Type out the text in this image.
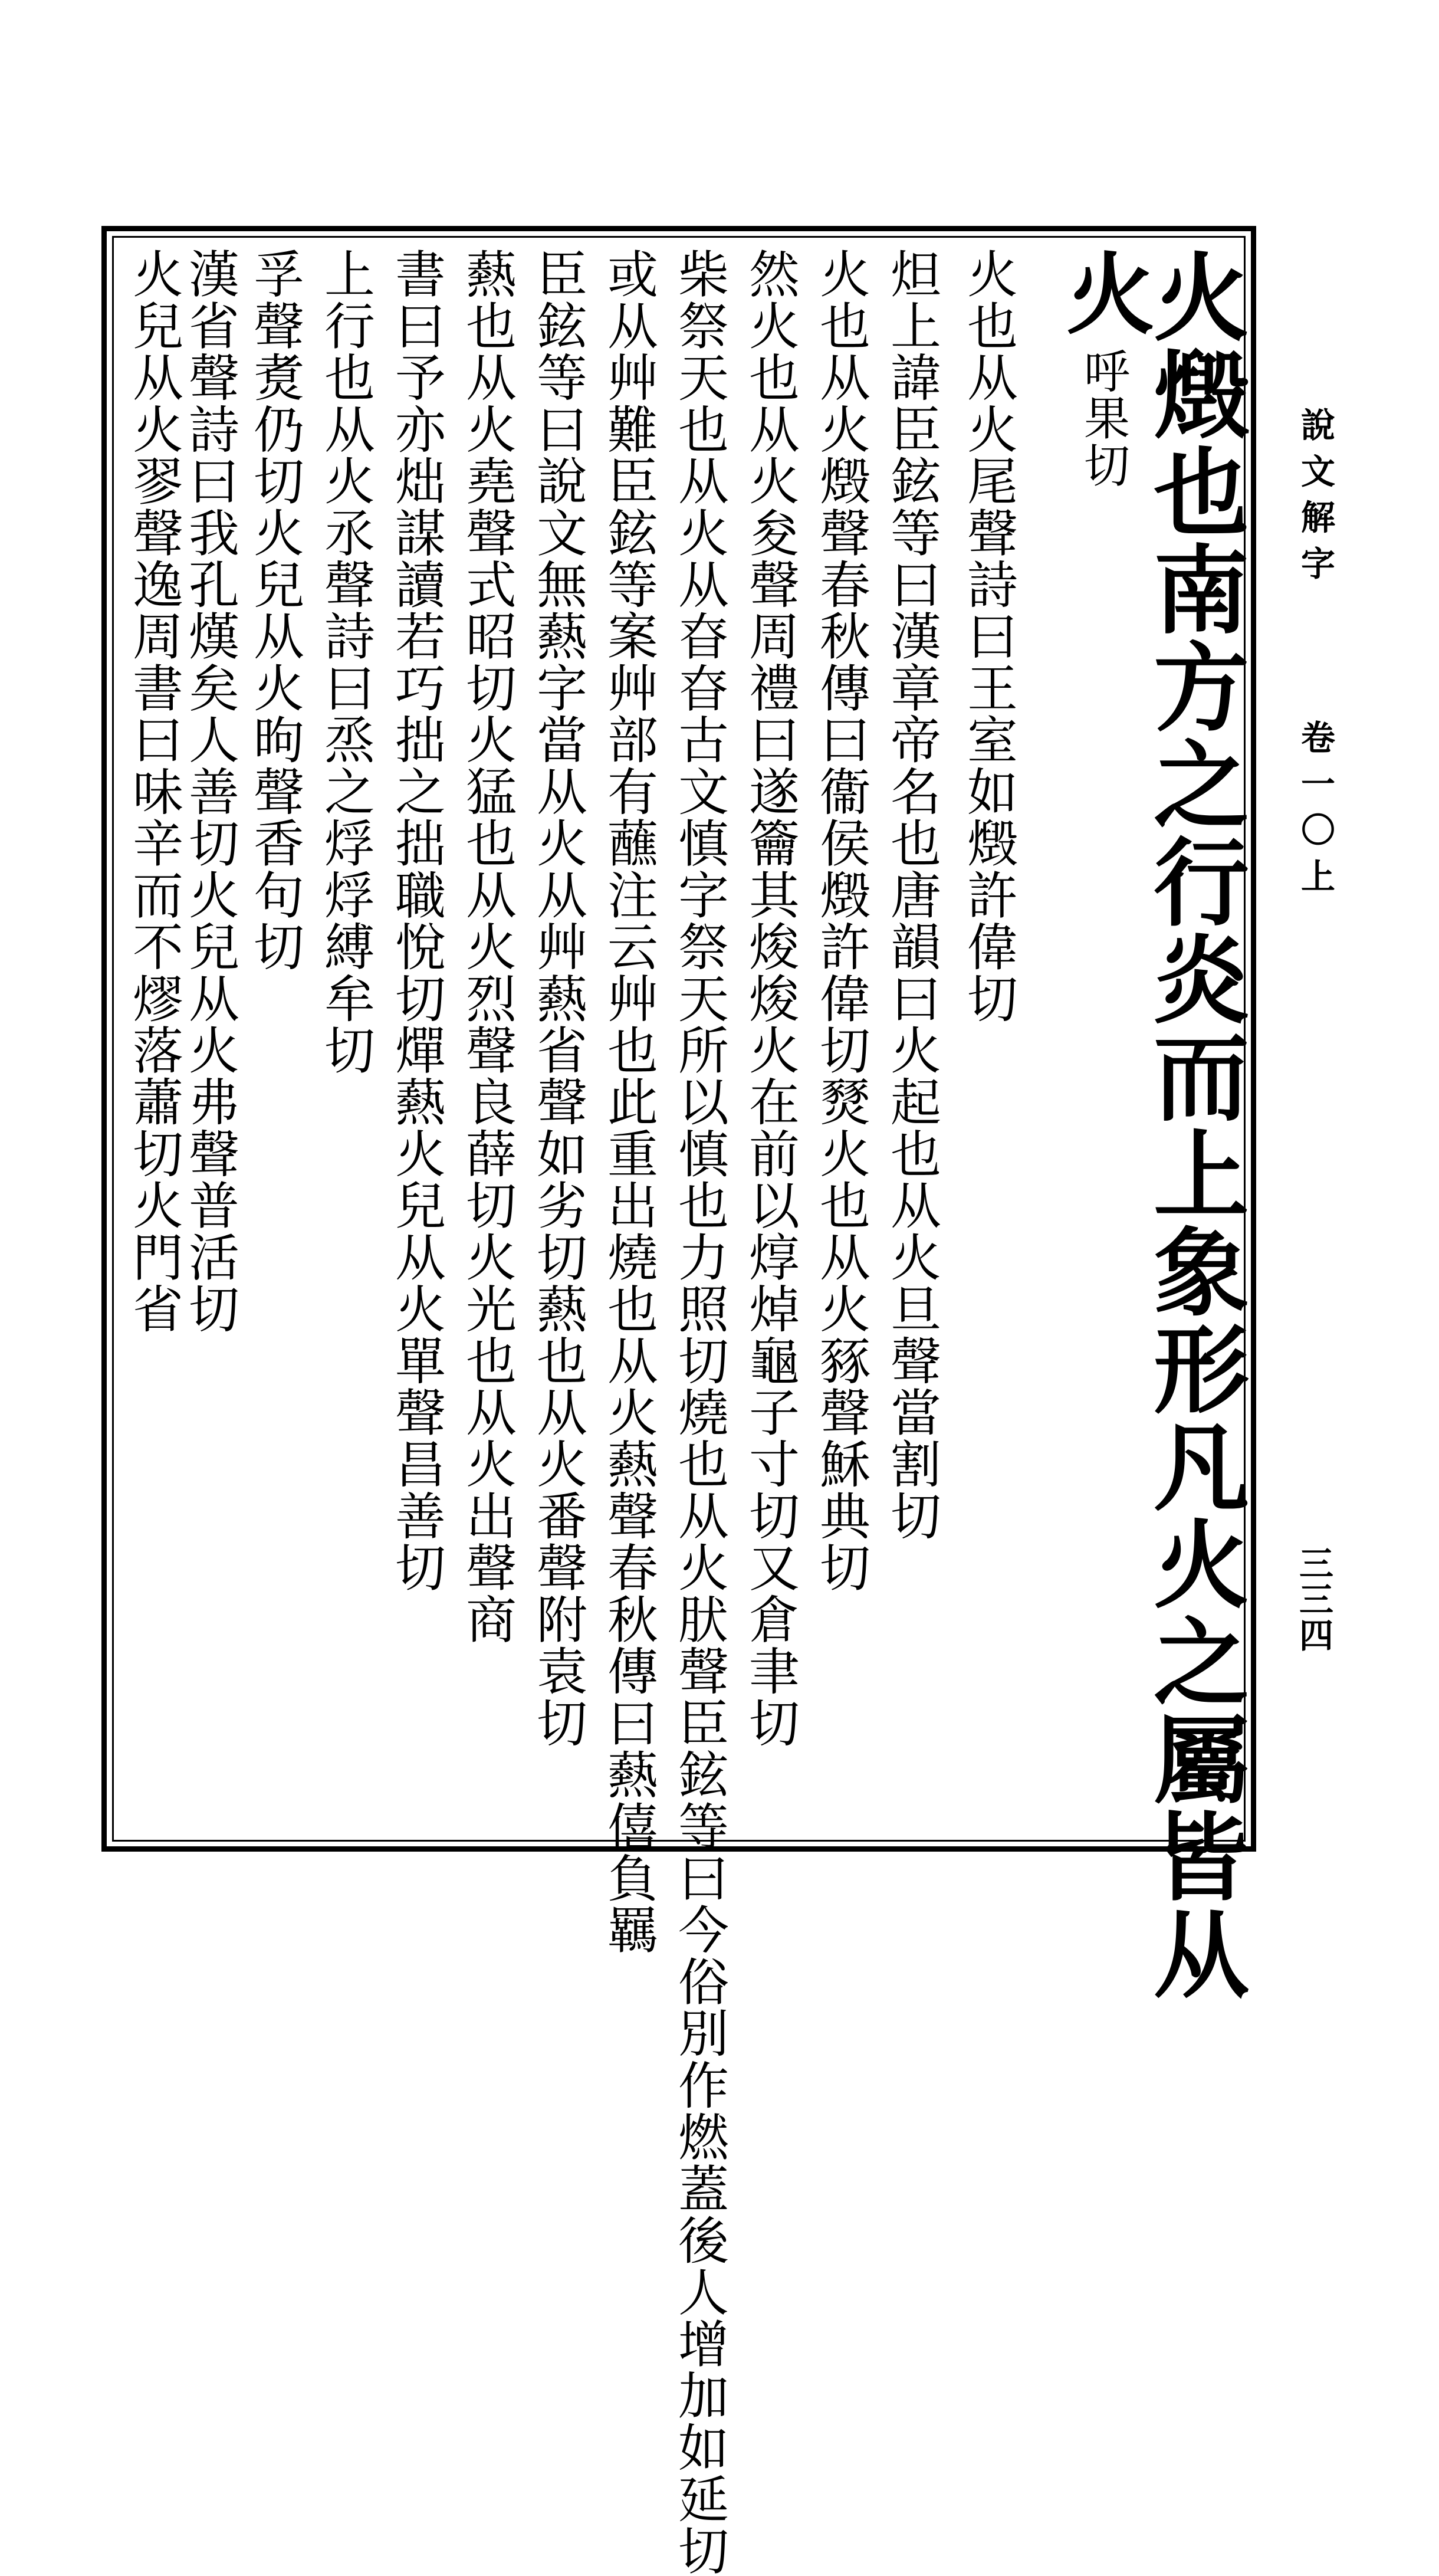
說文解字
卷一〇上
三三四
火燬也南方之行炎而上象形凡火之屬皆从
火 呼果切
火也从火尾聲詩曰王室如燬許偉切
炟上諱臣鉉等曰漢章帝名也唐韻曰火起也从火旦聲當割切
火也从火燬聲春秋傳曰衞侯燬許偉切燹火也从火豩聲穌典切
然火也从火夋聲周禮曰遂籥其焌焌火在前以焞焯龜子寸切又倉聿切
柴祭天也从火从昚昚古文慎字祭天所以慎也力照切燒也从火肰聲臣鉉等曰今俗別作燃蓋後人增加如延切
或从艸難臣鉉等案艸部有蘸注云艸也此重出燒也从火爇聲春秋傳曰爇僖負羈
臣鉉等曰說文無爇字當从火从艸爇省聲如劣切爇也从火番聲附袁切
爇也从火堯聲式昭切火猛也从火烈聲良薛切火光也从火出聲商
書曰予亦炪謀讀若巧拙之拙職悅切燀爇火兒从火單聲昌善切
上行也从火氶聲詩曰烝之烰烰縛牟切
孚聲煑仍切火兒从火昫聲香句切
漢省聲詩曰我孔熯矣人善切火兒从火弗聲普活切
火兒从火翏聲逸周書曰味辛而不熮落蕭切火門省
